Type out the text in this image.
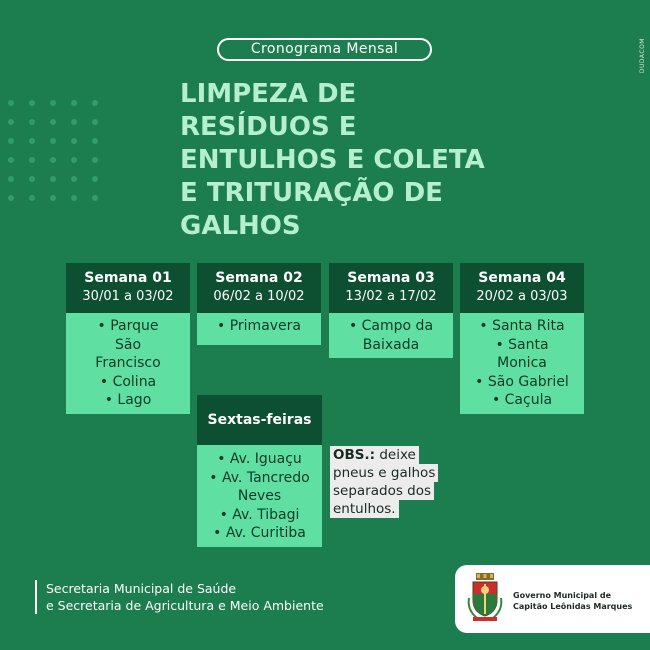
DUDACOM
Cronograma Mensal
LIMPEZA DE
RESÍDUOS E
ENTULHOS E COLETA
E TRITURAÇÃO DE
GALHOS
Semana 01
30/01 a 03/02
• Parque
São
Francisco
• Colina
• Lago
Semana 02
06/02 a 10/02
• Primavera
Semana 03
13/02 a 17/02
• Campo da
Baixada
Semana 04
20/02 a 03/03
• Santa Rita
• Santa
Monica
• São Gabriel
• Caçula
Sextas-feiras
• Av. Iguaçu
• Av. Tancredo
Neves
• Av. Tibagi
• Av. Curitiba
OBS.: deixe
pneus e galhos
separados dos
entulhos.
Secretaria Municipal de Saúde
e Secretaria de Agricultura e Meio Ambiente
Governo Municipal de
Capitão Leônidas Marques
